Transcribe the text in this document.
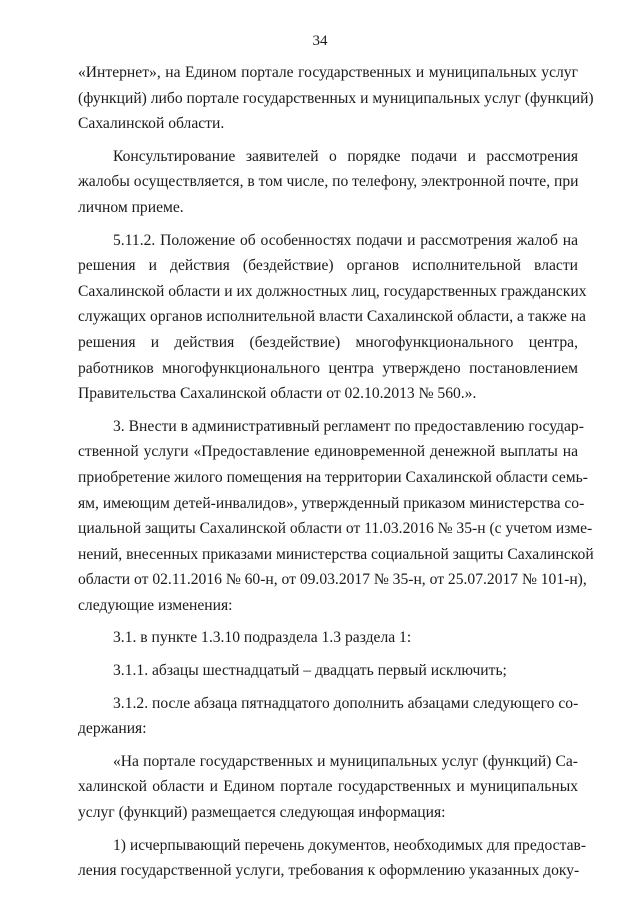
34
«Интернет», на Едином портале государственных и муниципальных услуг
(функций) либо портале государственных и муниципальных услуг (функций)
Сахалинской области.
Консультирование заявителей о порядке подачи и рассмотрения
жалобы осуществляется, в том числе, по телефону, электронной почте, при
личном приеме.
5.11.2. Положение об особенностях подачи и рассмотрения жалоб на
решения и действия (бездействие) органов исполнительной власти
Сахалинской области и их должностных лиц, государственных гражданских
служащих органов исполнительной власти Сахалинской области, а также на
решения и действия (бездействие) многофункционального центра,
работников многофункционального центра утверждено постановлением
Правительства Сахалинской области от 02.10.2013 № 560.».
3. Внести в административный регламент по предоставлению государ-
ственной услуги «Предоставление единовременной денежной выплаты на
приобретение жилого помещения на территории Сахалинской области семь-
ям, имеющим детей-инвалидов», утвержденный приказом министерства со-
циальной защиты Сахалинской области от 11.03.2016 № 35-н (с учетом изме-
нений, внесенных приказами министерства социальной защиты Сахалинской
области от 02.11.2016 № 60-н, от 09.03.2017 № 35-н, от 25.07.2017 № 101-н),
следующие изменения:
3.1. в пункте 1.3.10 подраздела 1.3 раздела 1:
3.1.1. абзацы шестнадцатый – двадцать первый исключить;
3.1.2. после абзаца пятнадцатого дополнить абзацами следующего со-
держания:
«На портале государственных и муниципальных услуг (функций) Са-
халинской области и Едином портале государственных и муниципальных
услуг (функций) размещается следующая информация:
1) исчерпывающий перечень документов, необходимых для предостав-
ления государственной услуги, требования к оформлению указанных доку-
